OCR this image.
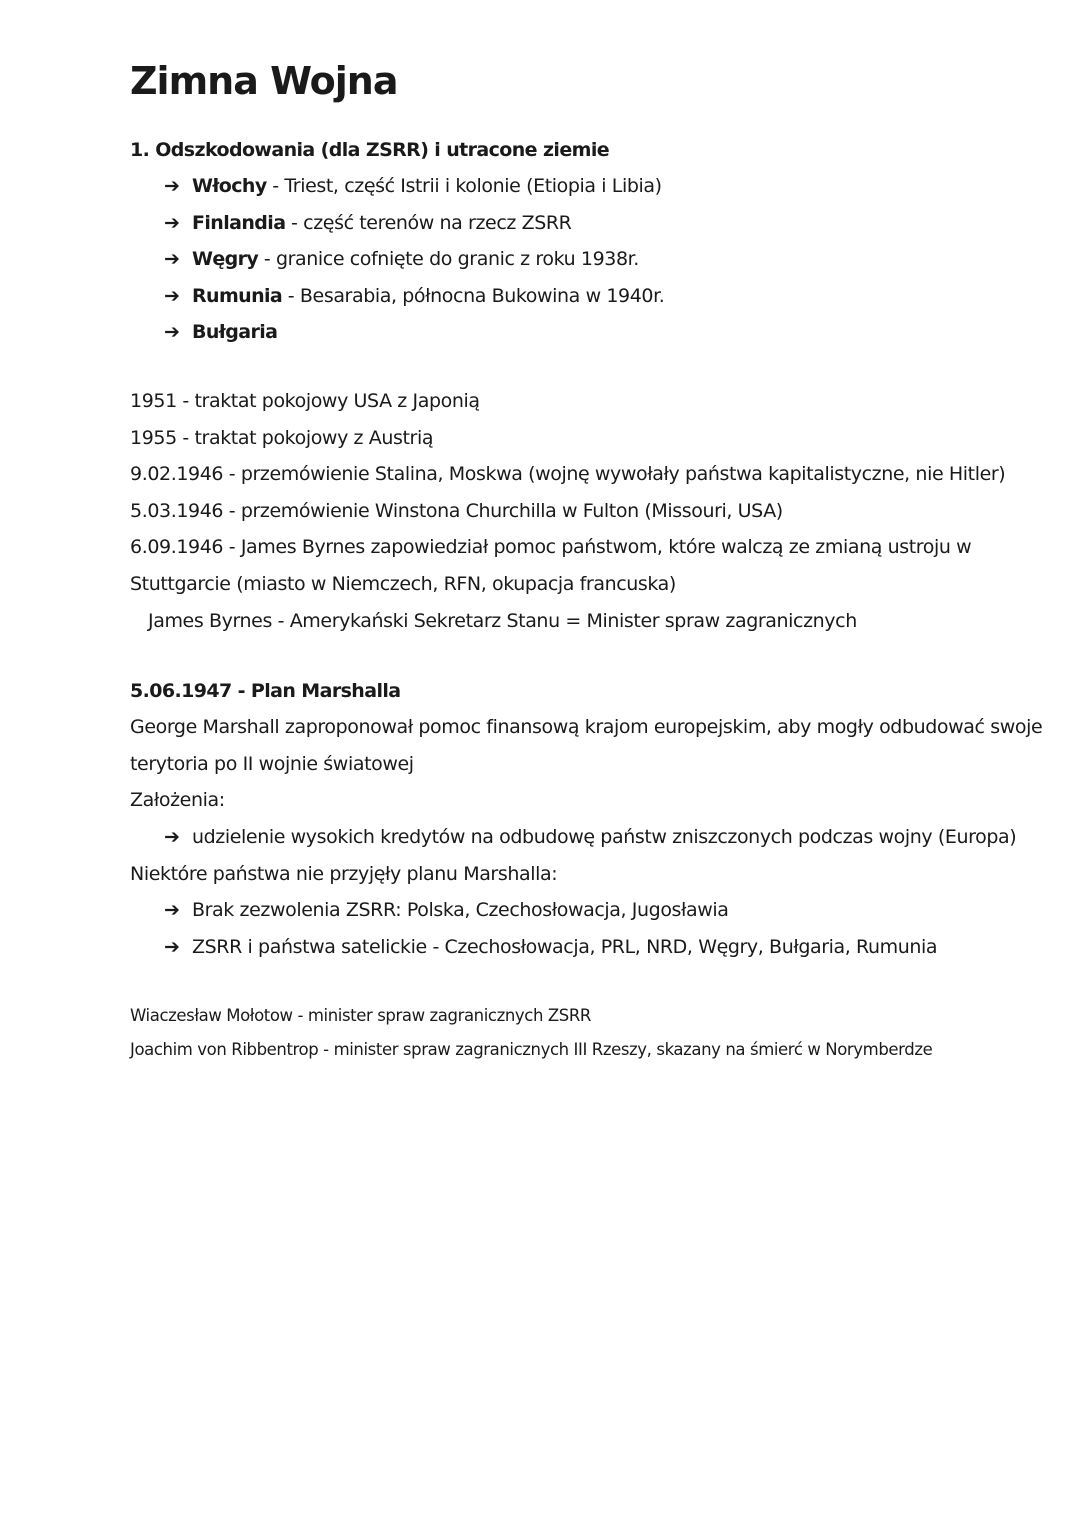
Zimna Wojna
1. Odszkodowania (dla ZSRR) i utracone ziemie
➔ Włochy - Triest, część Istrii i kolonie (Etiopia i Libia)
➔ Finlandia - część terenów na rzecz ZSRR
➔ Węgry - granice cofnięte do granic z roku 1938r.
➔ Rumunia - Besarabia, północna Bukowina w 1940r.
➔ Bułgaria
1951 - traktat pokojowy USA z Japonią
1955 - traktat pokojowy z Austrią
9.02.1946 - przemówienie Stalina, Moskwa (wojnę wywołały państwa kapitalistyczne, nie Hitler)
5.03.1946 - przemówienie Winstona Churchilla w Fulton (Missouri, USA)
6.09.1946 - James Byrnes zapowiedział pomoc państwom, które walczą ze zmianą ustroju w
Stuttgarcie (miasto w Niemczech, RFN, okupacja francuska)
James Byrnes - Amerykański Sekretarz Stanu = Minister spraw zagranicznych
5.06.1947 - Plan Marshalla
George Marshall zaproponował pomoc finansową krajom europejskim, aby mogły odbudować swoje
terytoria po II wojnie światowej
Założenia:
➔ udzielenie wysokich kredytów na odbudowę państw zniszczonych podczas wojny (Europa)
Niektóre państwa nie przyjęły planu Marshalla:
➔ Brak zezwolenia ZSRR: Polska, Czechosłowacja, Jugosławia
➔ ZSRR i państwa satelickie - Czechosłowacja, PRL, NRD, Węgry, Bułgaria, Rumunia
Wiaczesław Mołotow - minister spraw zagranicznych ZSRR
Joachim von Ribbentrop - minister spraw zagranicznych III Rzeszy, skazany na śmierć w Norymberdze
